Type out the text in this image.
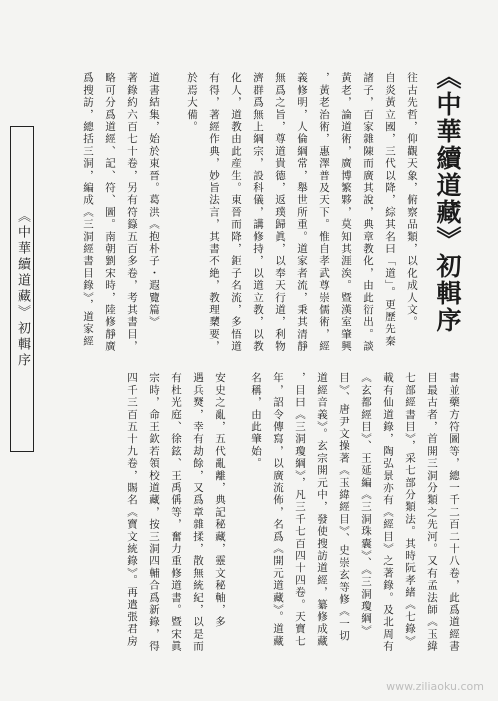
《中華續道藏》初輯序
《中華續道藏》初輯序	往古先哲，仰觀天象，俯察品類，以化成人文。
自炎黃立國，三代以降，綜其名曰「道」。更歷先秦
諸子，百家雜陳而廣其說，典章教化，由此衍出。談
黃老，論道術，廣博繁夥，莫知其涯涘。暨漢室肇興
，黃老治術，惠澤普及天下。惟自孝武尊崇儒術，經
義修明，人倫綱常，舉世所重。道家者流，秉其清靜
無爲之旨，尊道貴德，返璞歸眞，以奉天行道，利物
濟群爲無上綱宗，設科儀，講修持，以道立教，以教
化人，道教由此産生。東晉而降，鉅子名流，多悟道
有得，著經作典，妙旨法言，其書不絶，教理櫫要，
於焉大備。
道書結集，始於東晉。葛洪《抱朴子・遐覽篇》
著錄約六百七十卷，另有符籙五百多卷，考其書目，
略可分爲道經、記、符、圖。南朝劉宋時，陸修靜廣
爲搜訪，總括三洞，編成《三洞經書目錄》，道家經
書並藥方符圖等，總一千二百二十八卷，此爲道經書
目最古者，首開三洞分類之先河。又有孟法師《玉緯
七部經書目》，采七部分類法。其時阮孝緒《七錄》
載有仙道錄，陶弘景亦有《經目》之著錄。及北周有
《玄都經目》、王延編《三洞珠囊》、《三洞瓊綱》
目》、唐尹文操著《玉緯經目》、史崇玄等修《一切
道經音義》。玄宗開元中，發使搜訪道經，纂修成藏
，目曰《三洞瓊綱》，凡三千七百四十四卷。天寶七
年，詔令傳寫，以廣流佈，名爲《開元道藏》。道藏
名稱，由此肇始。
安史之亂，五代亂離，典記秘藏，靈文秘軸，多
遇兵燹，幸有劫餘，又爲章雜揉，散無統紀，以是而
有杜光庭、徐鉉、王禹偁等，奮力重修道書。暨宋眞
宗時，命王欽若領校道藏，按三洞四輔合爲新錄，得
四千三百五十九卷，賜名《寶文統錄》。再遣張君房
www.ziliaoku.com
